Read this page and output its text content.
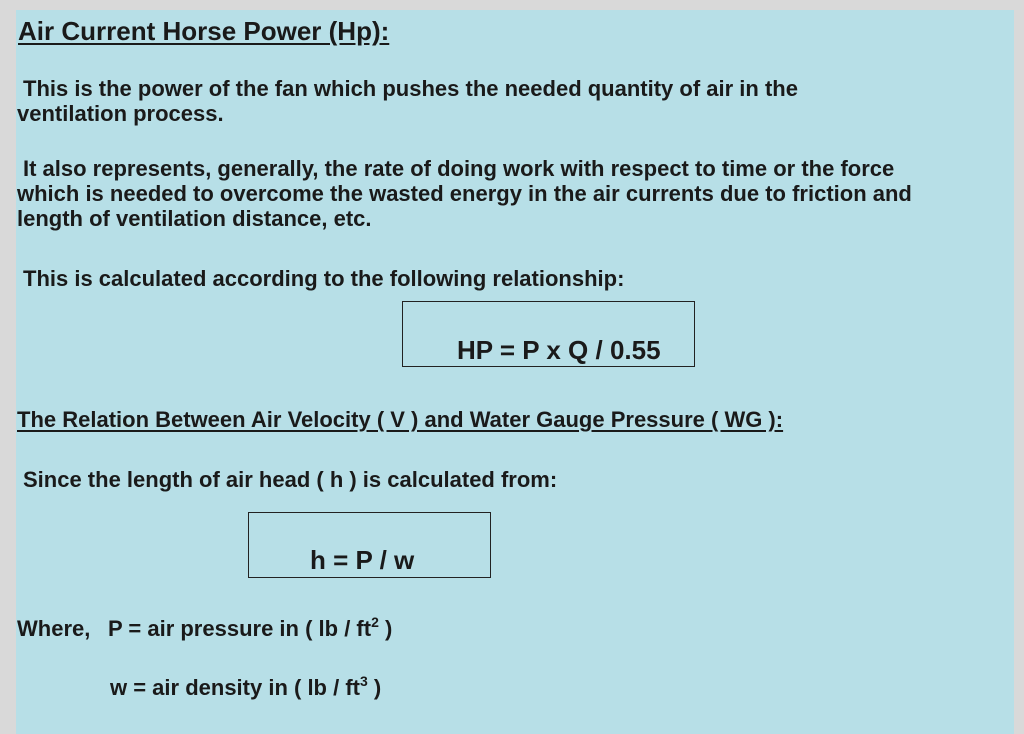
Air Current Horse Power (Hp):
This is the power of the fan which pushes the needed quantity of air in the
ventilation process.
It also represents, generally, the rate of doing work with respect to time or the force
which is needed to overcome the wasted energy in the air currents due to friction and
length of ventilation distance, etc.
This is calculated according to the following relationship:
HP = P x Q / 0.55
The Relation Between Air Velocity ( V ) and Water Gauge Pressure ( WG ):
Since the length of air head ( h ) is calculated from:
h = P / w
Where, P = air pressure in ( lb / $ft^2$ )
w = air density in ( lb / $ft^3$ )
